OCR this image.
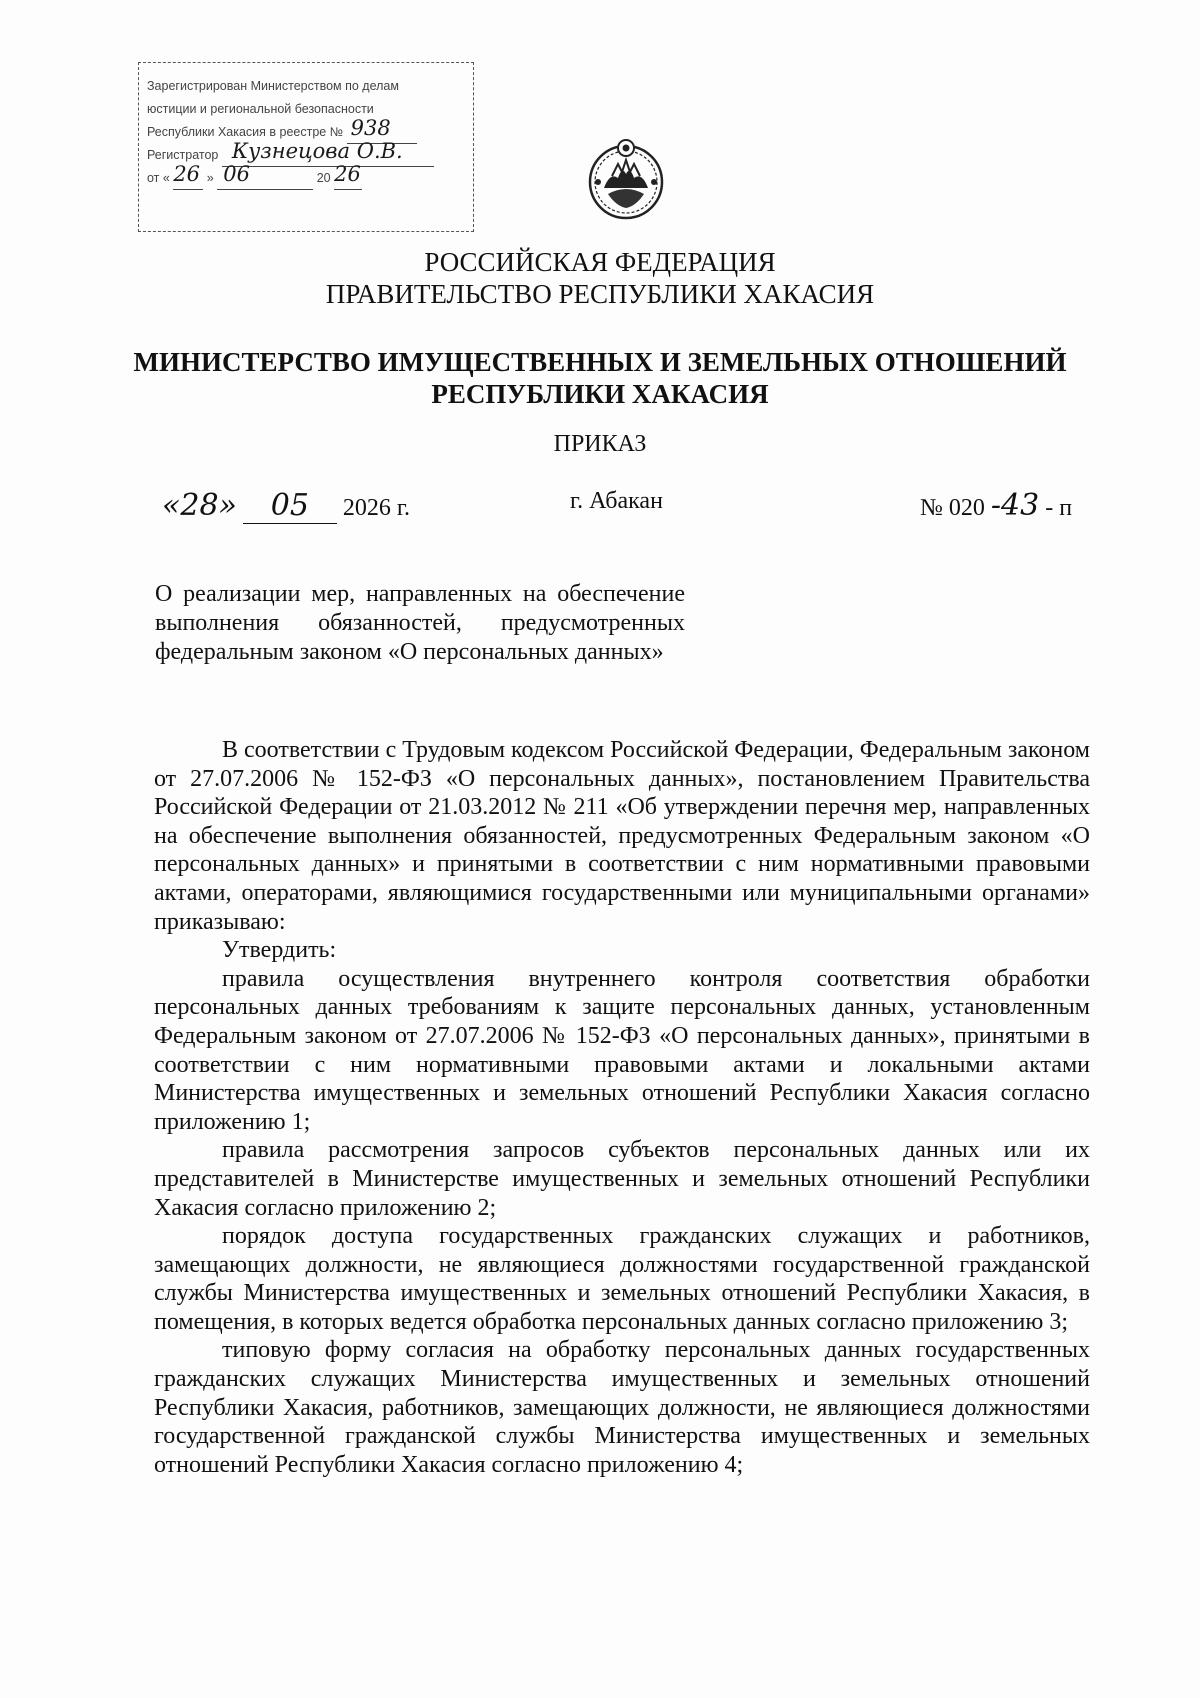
Зарегистрирован Министерством по делам
юстиции и региональной безопасности
Республики Хакасия в реестре № 938
Регистратор Кузнецова О.В.
от « 26 » 06	20 26
РОССИЙСКАЯ ФЕДЕРАЦИЯ
ПРАВИТЕЛЬСТВО РЕСПУБЛИКИ ХАКАСИЯ
МИНИСТЕРСТВО ИМУЩЕСТВЕННЫХ И ЗЕМЕЛЬНЫХ ОТНОШЕНИЙ
РЕСПУБЛИКИ ХАКАСИЯ
ПРИКАЗ
«28» 05 2026 г.	г. Абакан	№ 020 -43 - п
О реализации мер, направленных на обеспечение выполнения обязанностей, предусмотренных федеральным законом «О персональных данных»

В соответствии с Трудовым кодексом Российской Федерации, Федеральным законом от 27.07.2006 № 152-ФЗ «О персональных данных», постановлением Правительства Российской Федерации от 21.03.2012 № 211 «Об утверждении перечня мер, направленных на обеспечение выполнения обязанностей, предусмотренных Федеральным законом «О персональных данных» и принятыми в соответствии с ним нормативными правовыми актами, операторами, являющимися государственными или муниципальными органами» приказываю:

Утвердить:

правила осуществления внутреннего контроля соответствия обработки персональных данных требованиям к защите персональных данных, установленным Федеральным законом от 27.07.2006 № 152-ФЗ «О персональных данных», принятыми в соответствии с ним нормативными правовыми актами и локальными актами Министерства имущественных и земельных отношений Республики Хакасия согласно приложению 1;

правила рассмотрения запросов субъектов персональных данных или их представителей в Министерстве имущественных и земельных отношений Республики Хакасия согласно приложению 2;

порядок доступа государственных гражданских служащих и работников, замещающих должности, не являющиеся должностями государственной гражданской службы Министерства имущественных и земельных отношений Республики Хакасия, в помещения, в которых ведется обработка персональных данных согласно приложению 3;

типовую форму согласия на обработку персональных данных государственных гражданских служащих Министерства имущественных и земельных отношений Республики Хакасия, работников, замещающих должности, не являющиеся должностями государственной гражданской службы Министерства имущественных и земельных отношений Республики Хакасия согласно приложению 4;
